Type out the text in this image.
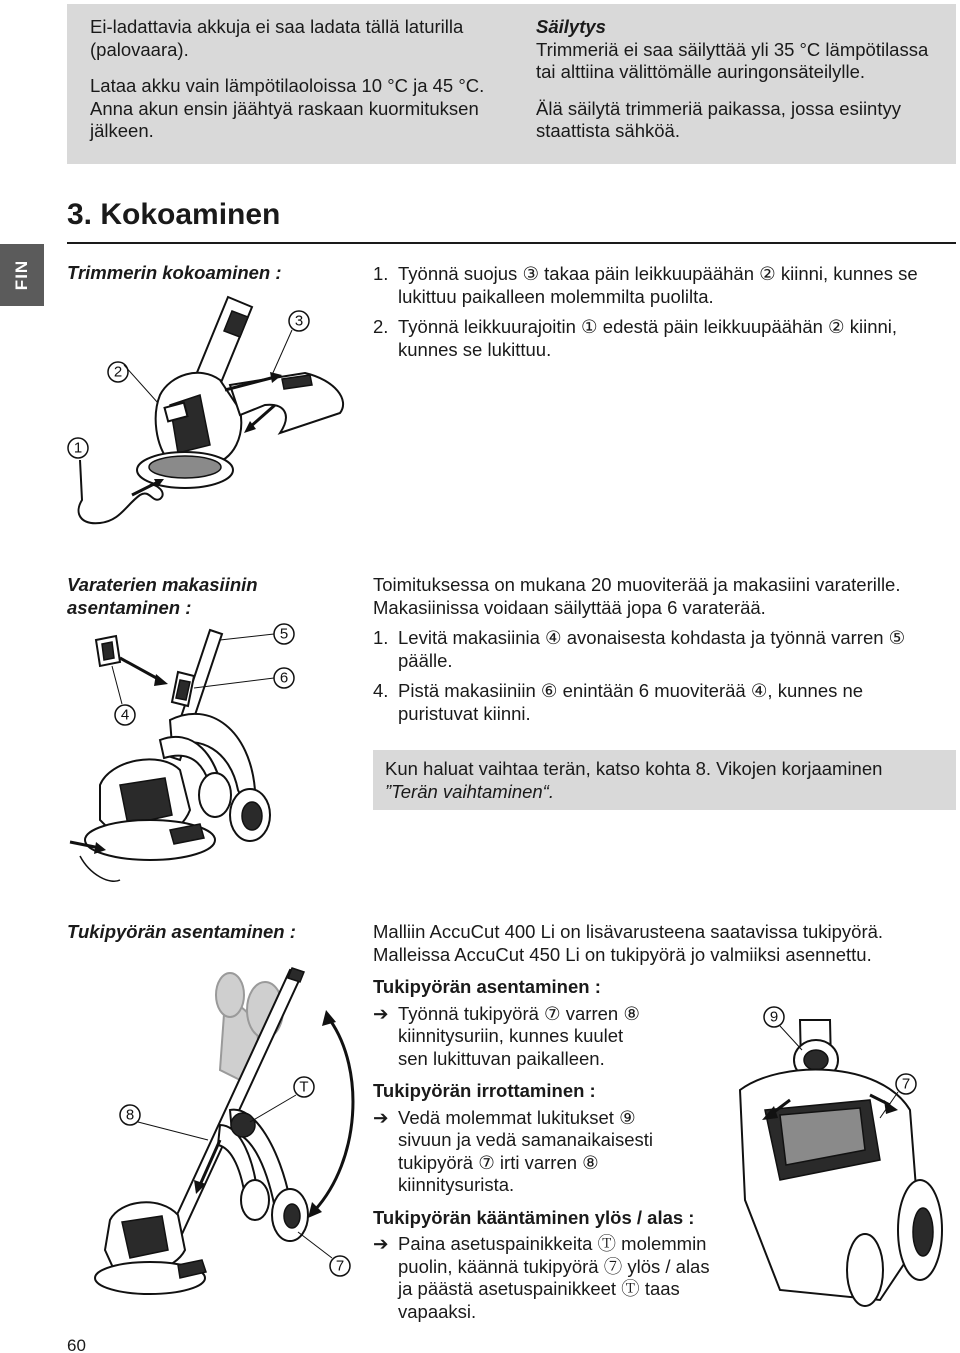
Ei-ladattavia akkuja ei saa ladata tällä laturilla (palovaara).

Lataa akku vain lämpötilaoloissa 10 °C ja 45 °C. Anna akun ensin jäähtyä raskaan kuormituksen jälkeen.

Säilytys

Trimmeriä ei saa säilyttää yli 35 °C lämpötilassa tai alttiina välittömälle auringonsäteilylle.

Älä säilytä trimmeriä paikassa, jossa esiintyy staattista sähköä.

3. Kokoaminen
FIN Trimmerin kokoaminen :	1. Työnnä suojus ③ takaa päin leikkuupäähän ② kiinni, kunnes se lukittuu paikalleen molemmilta puolilta.
2. Työnnä leikkuurajoitin ① edestä päin leikkuupäähän ② kiinni, kunnes se lukittuu.
2
3
1
Varaterien makasiinin
asentaminen :

Toimituksessa on mukana 20 muoviterää ja makasiini varaterille. Makasiinissa voidaan säilyttää jopa 6 varaterää.

1. Levitä makasiinia ④ avonaisesta kohdasta ja työnnä varren ⑤ päälle.
4. Pistä makasiiniin ⑥ enintään 6 muoviterää ④, kunnes ne puristuvat kiinni.
Kun haluat vaihtaa terän, katso kohta 8. Vikojen korjaaminen
”Terän vaihtaminen“.
4
5
6
Tukipyörän asentaminen :	Malliin AccuCut 400 Li on lisävarusteena saatavissa tukipyörä. Malleissa AccuCut 450 Li on tukipyörä jo valmiiksi asennettu.

Tukipyörän asentaminen :
➔ Työnnä tukipyörä ⑦ varren ⑧ kiinnitysuriin, kunnes kuulet sen lukittuvan paikalleen.
Tukipyörän irrottaminen :
➔ Vedä molemmat lukitukset ⑨ sivuun ja vedä samanaikaisesti tukipyörä ⑦ irti varren ⑧ kiinnitysurista.
Tukipyörän kääntäminen ylös / alas :
➔ Paina asetuspainikkeita Ⓣ molemmin puolin, käännä tukipyörä ⑦ ylös / alas ja päästä asetuspainikkeet Ⓣ taas vapaaksi.
8
T
7
9
7
60
